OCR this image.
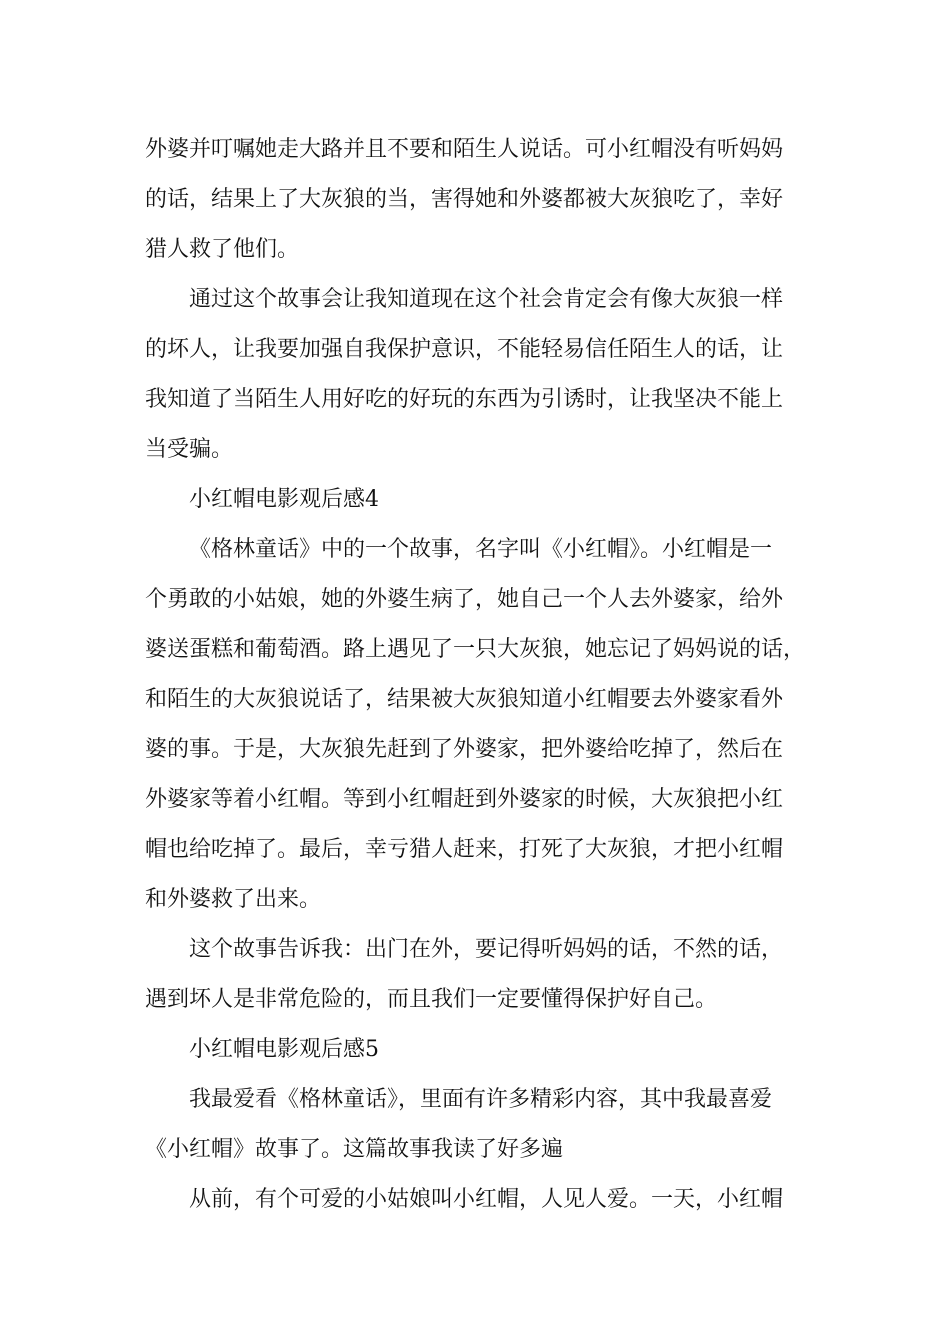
外婆并叮嘱她走大路并且不要和陌生人说话。可小红帽没有听妈妈
的话，结果上了大灰狼的当，害得她和外婆都被大灰狼吃了，幸好
猎人救了他们。
通过这个故事会让我知道现在这个社会肯定会有像大灰狼一样
的坏人，让我要加强自我保护意识，不能轻易信任陌生人的话，让
我知道了当陌生人用好吃的好玩的东西为引诱时，让我坚决不能上
当受骗。
小红帽电影观后感4
《格林童话》中的一个故事，名字叫《小红帽》。小红帽是一
个勇敢的小姑娘，她的外婆生病了，她自己一个人去外婆家，给外
婆送蛋糕和葡萄酒。路上遇见了一只大灰狼，她忘记了妈妈说的话，
和陌生的大灰狼说话了，结果被大灰狼知道小红帽要去外婆家看外
婆的事。于是，大灰狼先赶到了外婆家，把外婆给吃掉了，然后在
外婆家等着小红帽。等到小红帽赶到外婆家的时候，大灰狼把小红
帽也给吃掉了。最后，幸亏猎人赶来，打死了大灰狼，才把小红帽
和外婆救了出来。
这个故事告诉我：出门在外，要记得听妈妈的话，不然的话，
遇到坏人是非常危险的，而且我们一定要懂得保护好自己。
小红帽电影观后感5
我最爱看《格林童话》，里面有许多精彩内容，其中我最喜爱
《小红帽》故事了。这篇故事我读了好多遍
从前，有个可爱的小姑娘叫小红帽，人见人爱。一天，小红帽
